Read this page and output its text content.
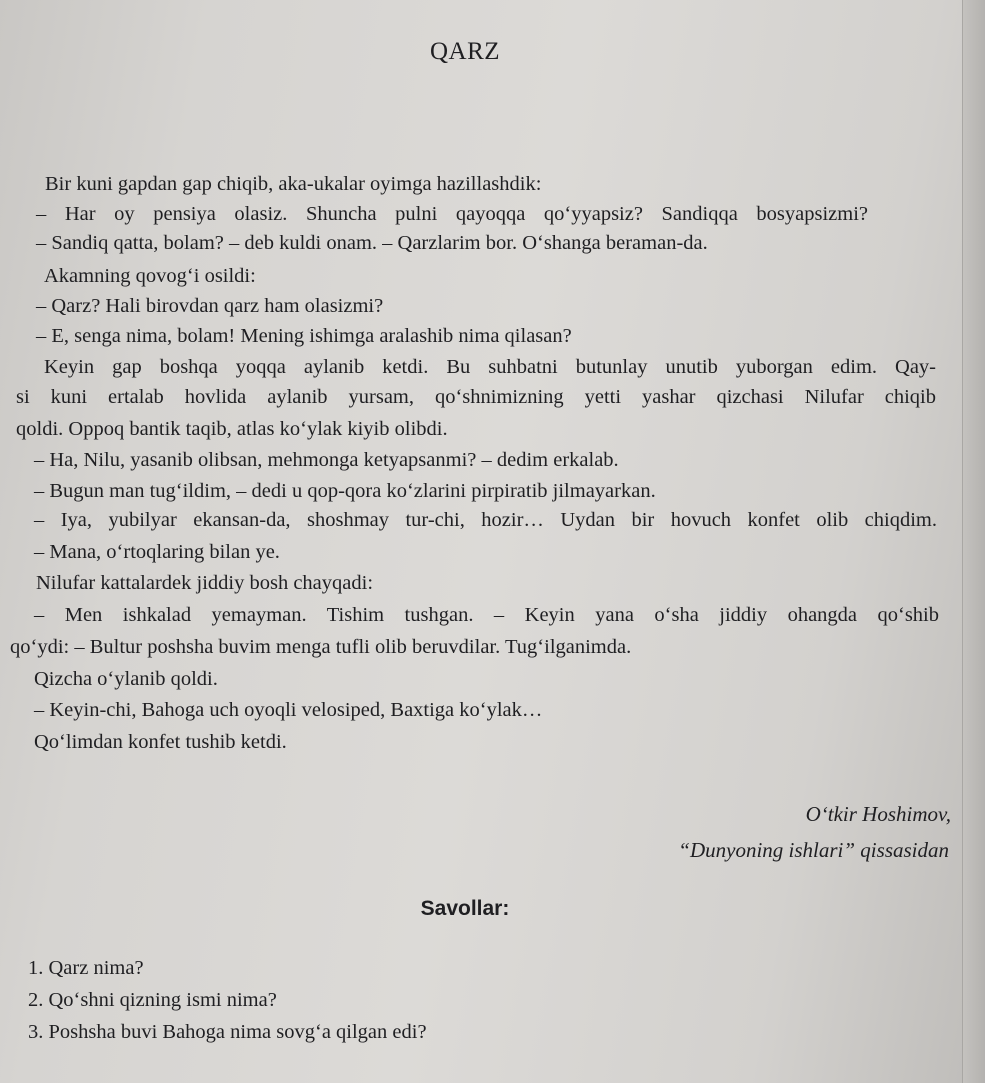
QARZ
Bir kuni gapdan gap chiqib, aka-ukalar oyimga hazillashdik:
– Har oy pensiya olasiz. Shuncha pulni qayoqqa qo‘yyapsiz? Sandiqqa bosyapsizmi?
– Sandiq qatta, bolam? – deb kuldi onam. – Qarzlarim bor. O‘shanga beraman-da.
Akamning qovog‘i osildi:
– Qarz? Hali birovdan qarz ham olasizmi?
– E, senga nima, bolam! Mening ishimga aralashib nima qilasan?
Keyin gap boshqa yoqqa aylanib ketdi. Bu suhbatni butunlay unutib yuborgan edim. Qay-
si kuni ertalab hovlida aylanib yursam, qo‘shnimizning yetti yashar qizchasi Nilufar chiqib
qoldi. Oppoq bantik taqib, atlas ko‘ylak kiyib olibdi.
– Ha, Nilu, yasanib olibsan, mehmonga ketyapsanmi? – dedim erkalab.
– Bugun man tug‘ildim, – dedi u qop-qora ko‘zlarini pirpiratib jilmayarkan.
– Iya, yubilyar ekansan-da, shoshmay tur-chi, hozir… Uydan bir hovuch konfet olib chiqdim.
– Mana, o‘rtoqlaring bilan ye.
Nilufar kattalardek jiddiy bosh chayqadi:
– Men ishkalad yemayman. Tishim tushgan. – Keyin yana o‘sha jiddiy ohangda qo‘shib
qo‘ydi: – Bultur poshsha buvim menga tufli olib beruvdilar. Tug‘ilganimda.
Qizcha o‘ylanib qoldi.
– Keyin-chi, Bahoga uch oyoqli velosiped, Baxtiga ko‘ylak…
Qo‘limdan konfet tushib ketdi.
O‘tkir Hoshimov,
“Dunyoning ishlari” qissasidan
Savollar:
1. Qarz nima?
2. Qo‘shni qizning ismi nima?
3. Poshsha buvi Bahoga nima sovg‘a qilgan edi?
